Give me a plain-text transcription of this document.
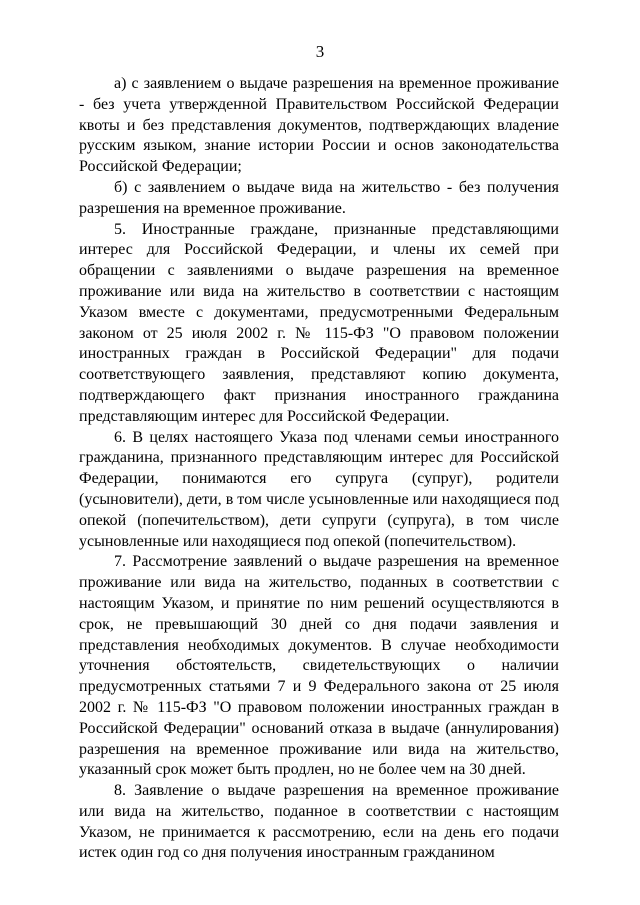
3

а) с заявлением о выдаче разрешения на временное проживание - без учета утвержденной Правительством Российской Федерации квоты и без представления документов, подтверждающих владение русским языком, знание истории России и основ законодательства Российской Федерации;

б) с заявлением о выдаче вида на жительство - без получения разрешения на временное проживание.

5. Иностранные граждане, признанные представляющими интерес для Российской Федерации, и члены их семей при обращении с заявлениями о выдаче разрешения на временное проживание или вида на жительство в соответствии с настоящим Указом вместе с документами, предусмотренными Федеральным законом от 25 июля 2002 г. № 115-ФЗ "О правовом положении иностранных граждан в Российской Федерации" для подачи соответствующего заявления, представляют копию документа, подтверждающего факт признания иностранного гражданина представляющим интерес для Российской Федерации.

6. В целях настоящего Указа под членами семьи иностранного гражданина, признанного представляющим интерес для Российской Федерации, понимаются его супруга (супруг), родители (усыновители), дети, в том числе усыновленные или находящиеся под опекой (попечительством), дети супруги (супруга), в том числе усыновленные или находящиеся под опекой (попечительством).

7. Рассмотрение заявлений о выдаче разрешения на временное проживание или вида на жительство, поданных в соответствии с настоящим Указом, и принятие по ним решений осуществляются в срок, не превышающий 30 дней со дня подачи заявления и представления необходимых документов. В случае необходимости уточнения обстоятельств, свидетельствующих о наличии предусмотренных статьями 7 и 9 Федерального закона от 25 июля 2002 г. № 115-ФЗ "О правовом положении иностранных граждан в Российской Федерации" оснований отказа в выдаче (аннулирования) разрешения на временное проживание или вида на жительство, указанный срок может быть продлен, но не более чем на 30 дней.

8. Заявление о выдаче разрешения на временное проживание или вида на жительство, поданное в соответствии с настоящим Указом, не принимается к рассмотрению, если на день его подачи истек один год со дня получения иностранным гражданином
